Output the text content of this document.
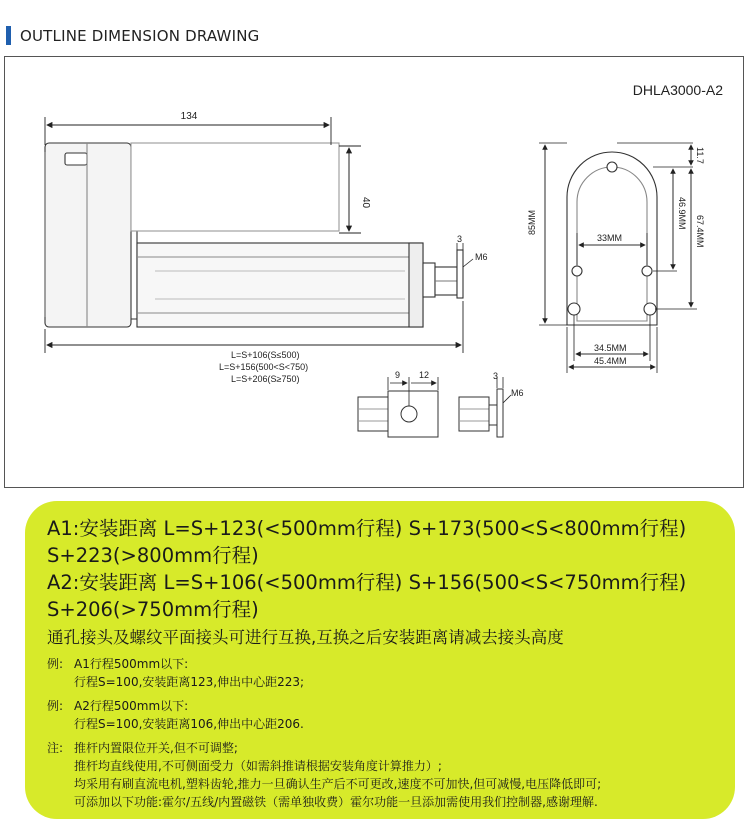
OUTLINE DIMENSION DRAWING
DHLA3000-A2
134
40
3
M6
L=S+106(S≤500)
L=S+156(500<S<750)
L=S+206(S≥750)	9 12	3
M6
85MM
33MM
11.7
46.9MM
67.4MM
34.5MM
45.4MM
A1:安装距离 L=S+123(<500mm行程) S+173(500<S<800mm行程)
S+223(>800mm行程)
A2:安装距离 L=S+106(<500mm行程) S+156(500<S<750mm行程)
S+206(>750mm行程)
通孔接头及螺纹平面接头可进行互换,互换之后安装距离请减去接头高度
例: A1行程500mm以下:
行程S=100,安装距离123,伸出中心距223;
例: A2行程500mm以下:
行程S=100,安装距离106,伸出中心距206.
注: 推杆内置限位开关,但不可调整;
推杆均直线使用,不可侧面受力（如需斜推请根据安装角度计算推力）;
均采用有刷直流电机,塑料齿轮,推力一旦确认生产后不可更改,速度不可加快,但可减慢,电压降低即可;
可添加以下功能:霍尔/五线/内置磁铁（需单独收费）霍尔功能一旦添加需使用我们控制器,感谢理解.
